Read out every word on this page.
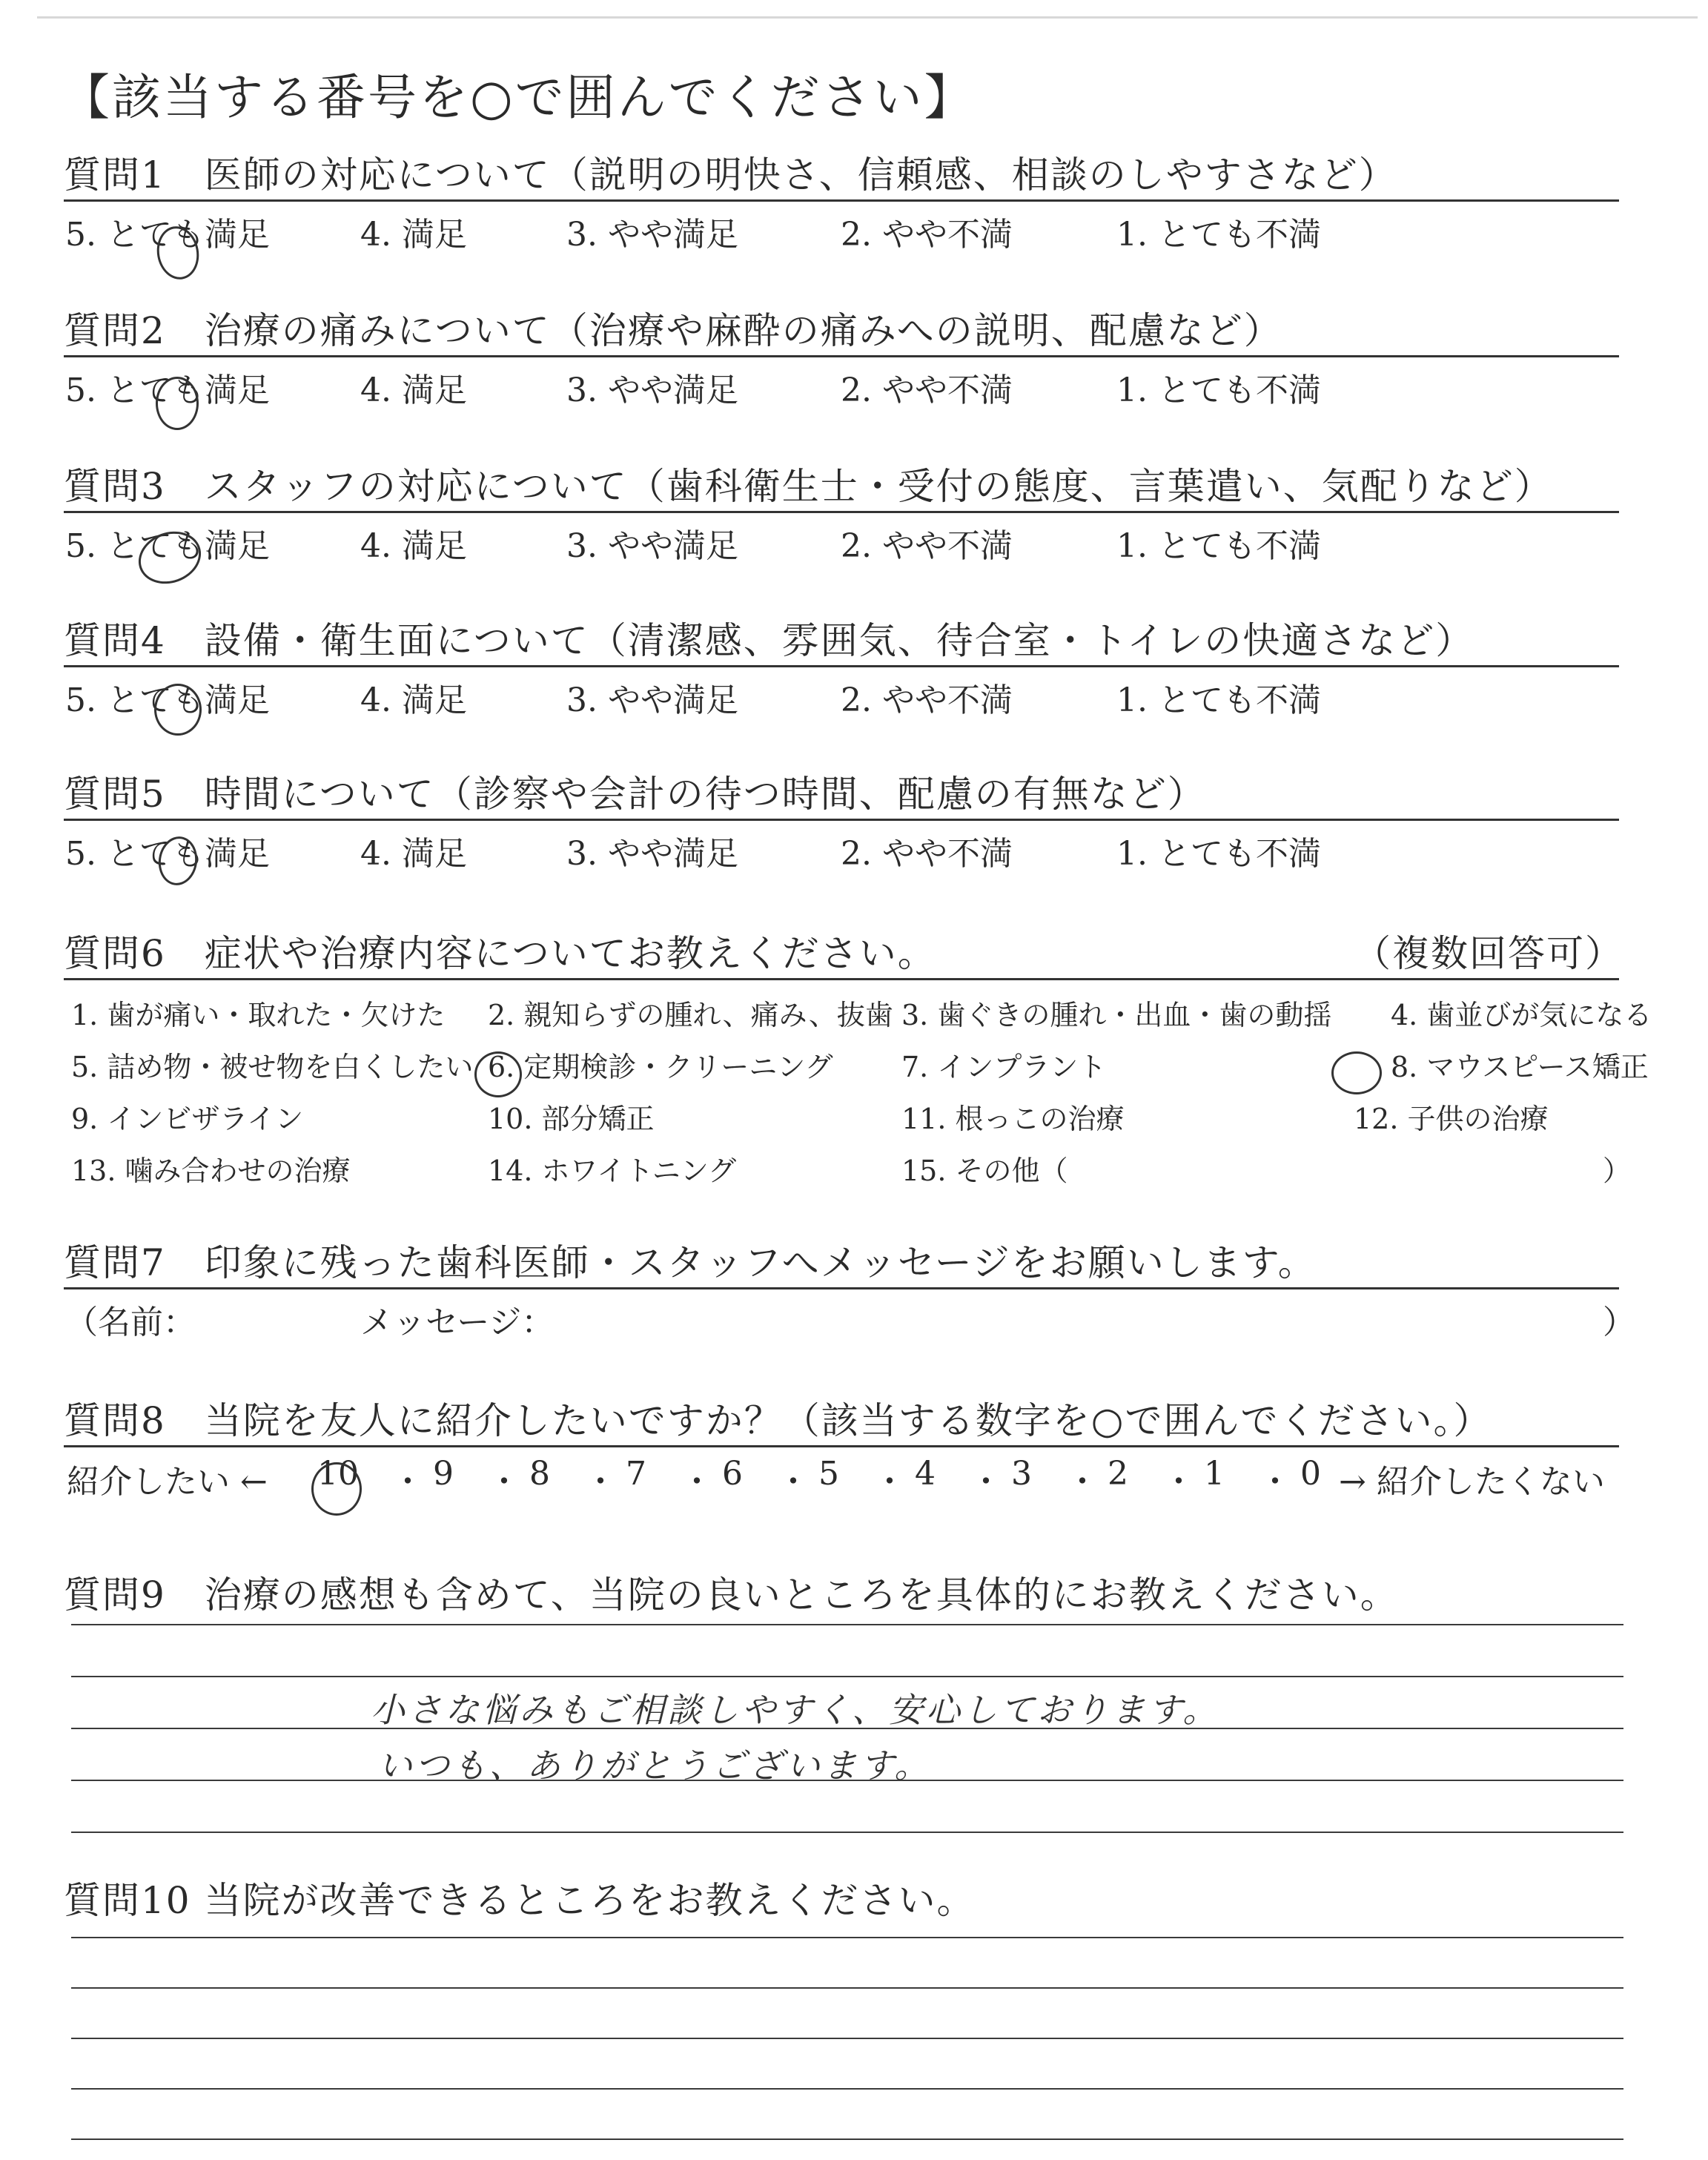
【該当する番号を○で囲んでください】
質問1　医師の対応について（説明の明快さ、信頼感、相談のしやすさなど）
5. とても満足	4. 満足	3. やや満足	2. やや不満	1. とても不満
質問2　治療の痛みについて（治療や麻酔の痛みへの説明、配慮など）
5. とても満足	4. 満足	3. やや満足	2. やや不満	1. とても不満
質問3　スタッフの対応について（歯科衛生士・受付の態度、言葉遣い、気配りなど）
5. とても満足	4. 満足	3. やや満足	2. やや不満	1. とても不満
質問4　設備・衛生面について（清潔感、雰囲気、待合室・トイレの快適さなど）
5. とても満足	4. 満足	3. やや満足	2. やや不満	1. とても不満
質問5　時間について（診察や会計の待つ時間、配慮の有無など）
5. とても満足	4. 満足	3. やや満足	2. やや不満	1. とても不満
質問6　症状や治療内容についてお教えください。	（複数回答可）
1. 歯が痛い・取れた・欠けた 2. 親知らずの腫れ、痛み、抜歯 3. 歯ぐきの腫れ・出血・歯の動揺 4. 歯並びが気になる
5. 詰め物・被せ物を白くしたい 6. 定期検診・クリーニング 7. インプラント	8. マウスピース矯正
9. インビザライン	10. 部分矯正	11. 根っこの治療	12. 子供の治療
13. 噛み合わせの治療	14. ホワイトニング	15. その他（	）
質問7　印象に残った歯科医師・スタッフへメッセージをお願いします。
（名前：	メッセージ：	）
質問8　当院を友人に紹介したいですか？（該当する数字を○で囲んでください。）
紹介したい ← 10 ・ 9 ・ 8 ・ 7 ・ 6 ・ 5 ・ 4 ・ 3 ・ 2 ・ 1 ・ 0 → 紹介したくない
質問9　治療の感想も含めて、当院の良いところを具体的にお教えください。
小さな悩みもご相談しやすく、安心しております。
いつも、ありがとうございます。
質問10 当院が改善できるところをお教えください。
